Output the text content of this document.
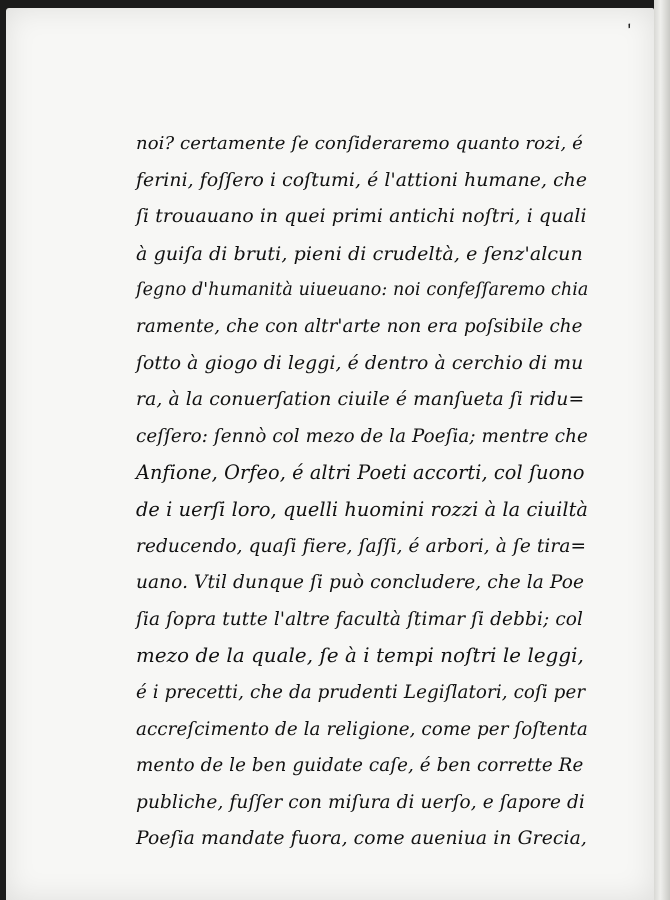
ʹ
noi? certamente ſe conſideraremo quanto rozi, é
ferini, foſſero i coſtumi, é l'attioni humane, che
ſi trouauano in quei primi antichi noſtri, i quali
à guiſa di bruti, pieni di crudeltà, e ſenz'alcun
ſegno d'humanità uiueuano: noi confeſſaremo chia
ramente, che con altr'arte non era poſsibile che
ſotto à giogo di leggi, é dentro à cerchio di mu
ra, à la conuerſation ciuile é manſueta ſi ridu=
ceſſero: ſennò col mezo de la Poeſia; mentre che
Anfione, Orfeo, é altri Poeti accorti, col ſuono
de i uerſi loro, quelli huomini rozzi à la ciuiltà
reducendo, quaſi fiere, ſaſſi, é arbori, à ſe tira=
uano. Vtil dunque ſi può concludere, che la Poe
ſia ſopra tutte l'altre facultà ſtimar ſi debbi; col
mezo de la quale, ſe à i tempi noſtri le leggi,
é i precetti, che da prudenti Legiſlatori, coſi per
accreſcimento de la religione, come per ſoſtenta
mento de le ben guidate caſe, é ben corrette Re
publiche, fuſſer con miſura di uerſo, e ſapore di
Poeſia mandate fuora, come aueniua in Grecia,
